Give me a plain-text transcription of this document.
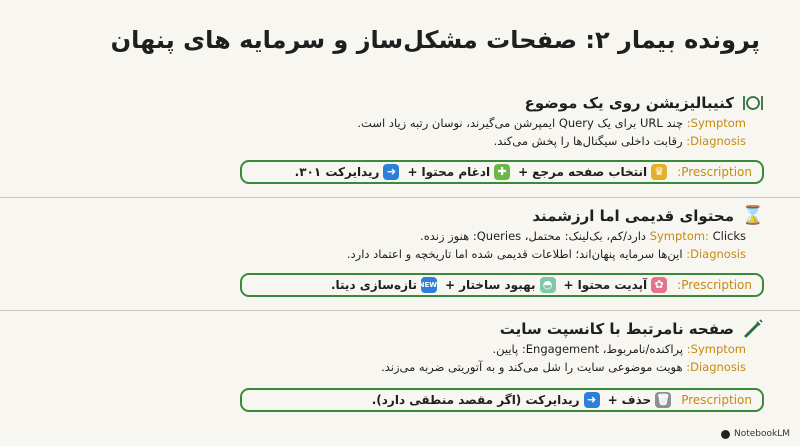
پرونده بیمار ۲: صفحات مشکل‌ساز و سرمایه های پنهان
کنیبالیزیشن روی یک موضوع
Symptom: چند URL برای یک Query ایمپرشن می‌گیرند، نوسان رتبه زیاد است.
Diagnosis: رقابت داخلی سیگنال‌ها را پخش می‌کند.
Prescription:
♛
انتخاب صفحه مرجع
+
✚
ادغام محتوا
+
➜
ریدایرکت ۳۰۱.
⌛
محتوای قدیمی اما ارزشمند
Symptom: Clicks دارد/کم، بک‌لینک: محتمل، Queries: هنوز زنده.
Diagnosis: این‌ها سرمایه پنهان‌اند؛ اطلاعات قدیمی شده اما تاریخچه و اعتماد دارد.
Prescription:
✿
آپدیت محتوا
+
◓
بهبود ساختار
+
NEW
تازه‌سازی دیتا.
صفحه نامرتبط با کانسپت سایت
Symptom: پراکنده/نامربوط، Engagement: پایین.
Diagnosis: هویت موضوعی سایت را شل می‌کند و به آتوریتی ضربه می‌زند.
Prescription
🗑
حذف
+
➜
ریدایرکت (اگر مقصد منطقی دارد).
NotebookLM
